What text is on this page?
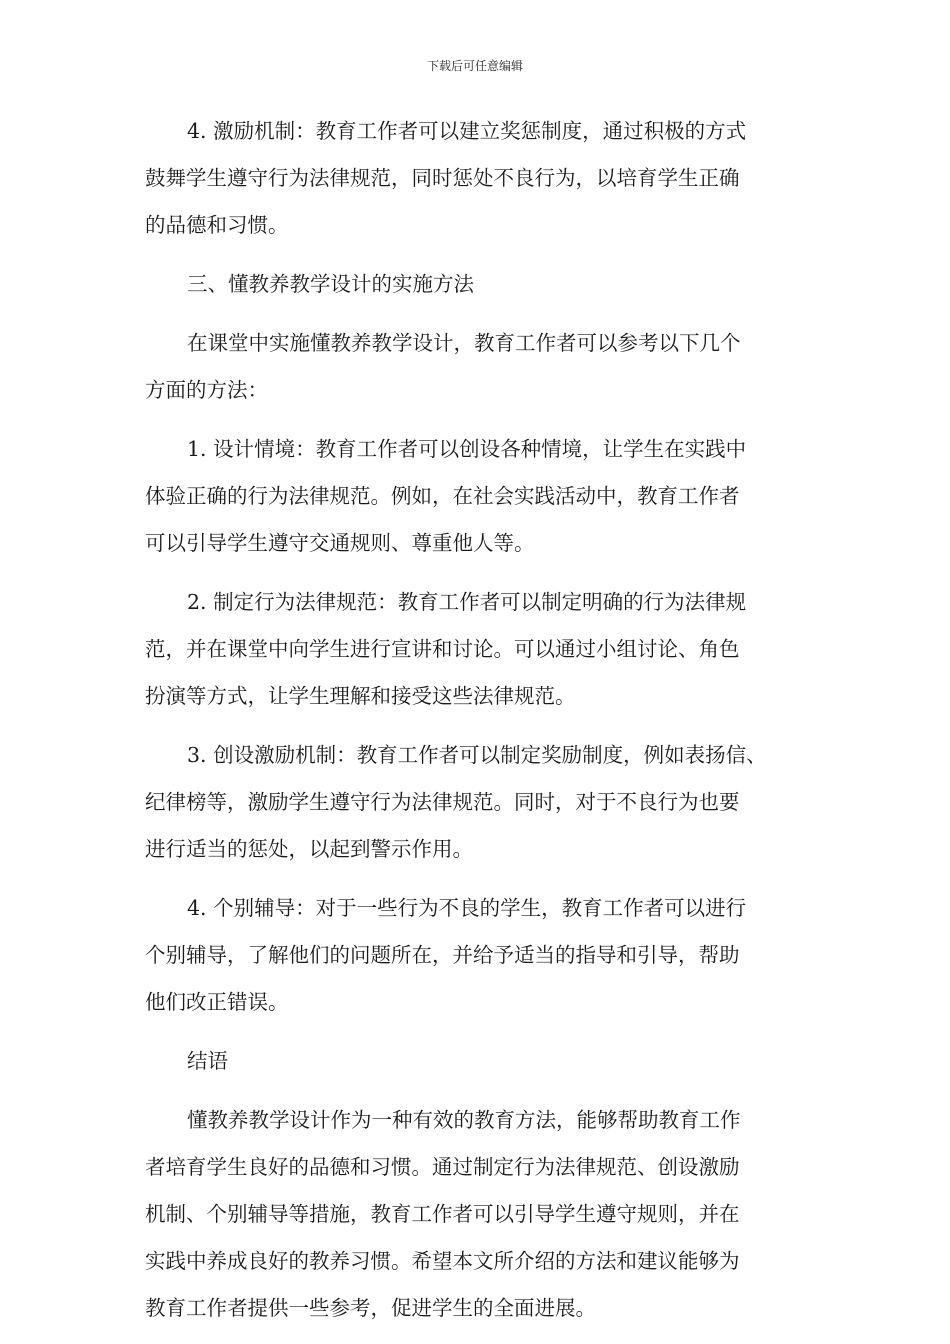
下载后可任意编辑
4. 激励机制：教育工作者可以建立奖惩制度，通过积极的方式
鼓舞学生遵守行为法律规范，同时惩处不良行为，以培育学生正确
的品德和习惯。
三、懂教养教学设计的实施方法
在课堂中实施懂教养教学设计，教育工作者可以参考以下几个
方面的方法：
1. 设计情境：教育工作者可以创设各种情境，让学生在实践中
体验正确的行为法律规范。例如，在社会实践活动中，教育工作者
可以引导学生遵守交通规则、尊重他人等。
2. 制定行为法律规范：教育工作者可以制定明确的行为法律规
范，并在课堂中向学生进行宣讲和讨论。可以通过小组讨论、角色
扮演等方式，让学生理解和接受这些法律规范。
3. 创设激励机制：教育工作者可以制定奖励制度，例如表扬信、
纪律榜等，激励学生遵守行为法律规范。同时，对于不良行为也要
进行适当的惩处，以起到警示作用。
4. 个别辅导：对于一些行为不良的学生，教育工作者可以进行
个别辅导，了解他们的问题所在，并给予适当的指导和引导，帮助
他们改正错误。
结语
懂教养教学设计作为一种有效的教育方法，能够帮助教育工作
者培育学生良好的品德和习惯。通过制定行为法律规范、创设激励
机制、个别辅导等措施，教育工作者可以引导学生遵守规则，并在
实践中养成良好的教养习惯。希望本文所介绍的方法和建议能够为
教育工作者提供一些参考，促进学生的全面进展。
